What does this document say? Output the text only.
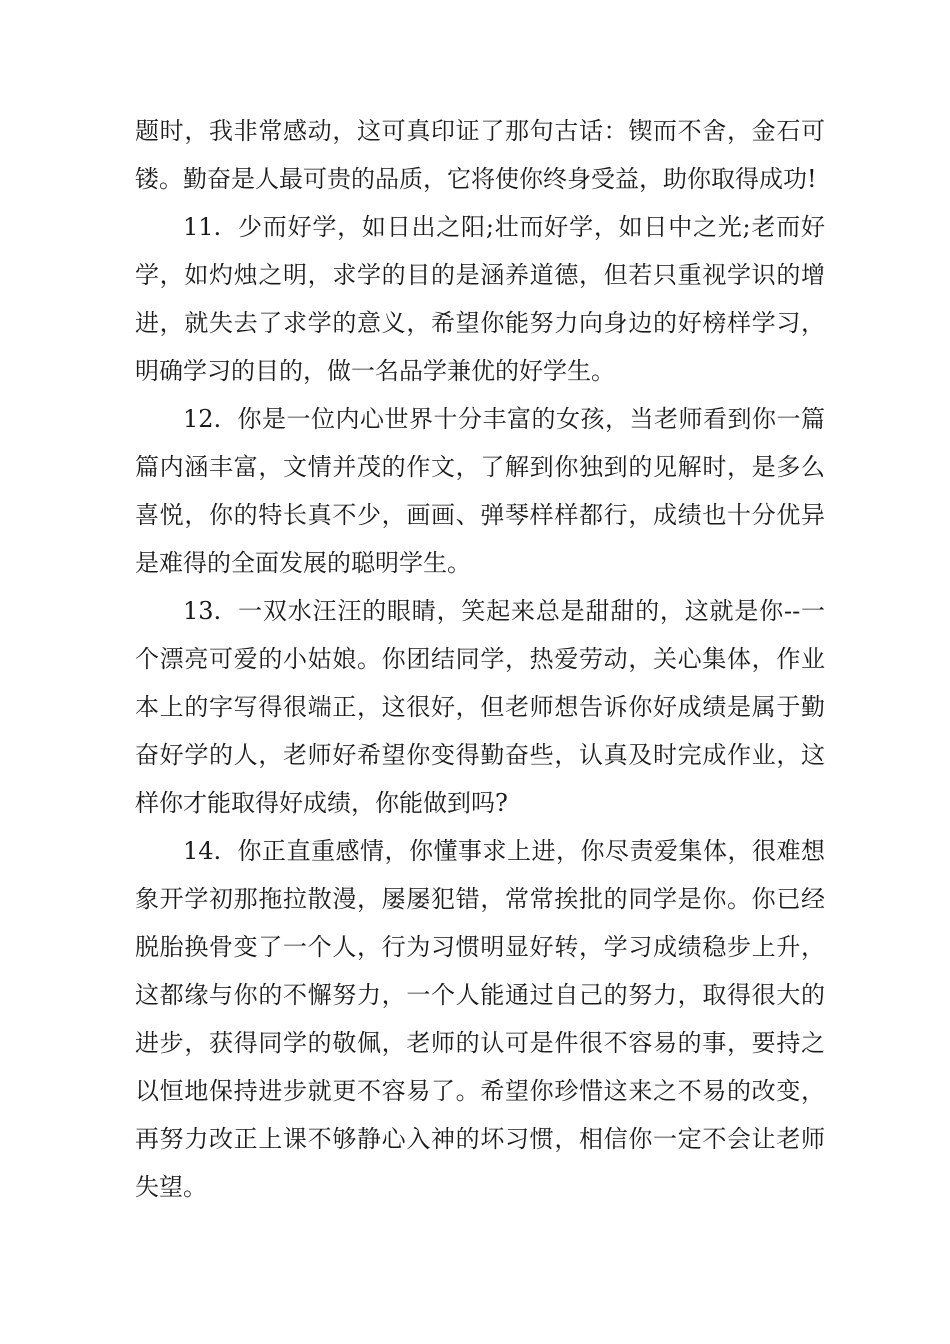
题时，我非常感动，这可真印证了那句古话：锲而不舍，金石可镂。勤奋是人最可贵的品质，它将使你终身受益，助你取得成功!

11. 少而好学，如日出之阳;壮而好学，如日中之光;老而好学，如灼烛之明，求学的目的是涵养道德，但若只重视学识的增进，就失去了求学的意义，希望你能努力向身边的好榜样学习，明确学习的目的，做一名品学兼优的好学生。

12. 你是一位内心世界十分丰富的女孩，当老师看到你一篇篇内涵丰富，文情并茂的作文，了解到你独到的见解时，是多么喜悦，你的特长真不少，画画、弹琴样样都行，成绩也十分优异是难得的全面发展的聪明学生。

13. 一双水汪汪的眼睛，笑起来总是甜甜的，这就是你--一个漂亮可爱的小姑娘。你团结同学，热爱劳动，关心集体，作业本上的字写得很端正，这很好，但老师想告诉你好成绩是属于勤奋好学的人，老师好希望你变得勤奋些，认真及时完成作业，这样你才能取得好成绩，你能做到吗?

14. 你正直重感情，你懂事求上进，你尽责爱集体，很难想象开学初那拖拉散漫，屡屡犯错，常常挨批的同学是你。你已经脱胎换骨变了一个人，行为习惯明显好转，学习成绩稳步上升，这都缘与你的不懈努力，一个人能通过自己的努力，取得很大的进步，获得同学的敬佩，老师的认可是件很不容易的事，要持之以恒地保持进步就更不容易了。希望你珍惜这来之不易的改变，再努力改正上课不够静心入神的坏习惯，相信你一定不会让老师失望。
